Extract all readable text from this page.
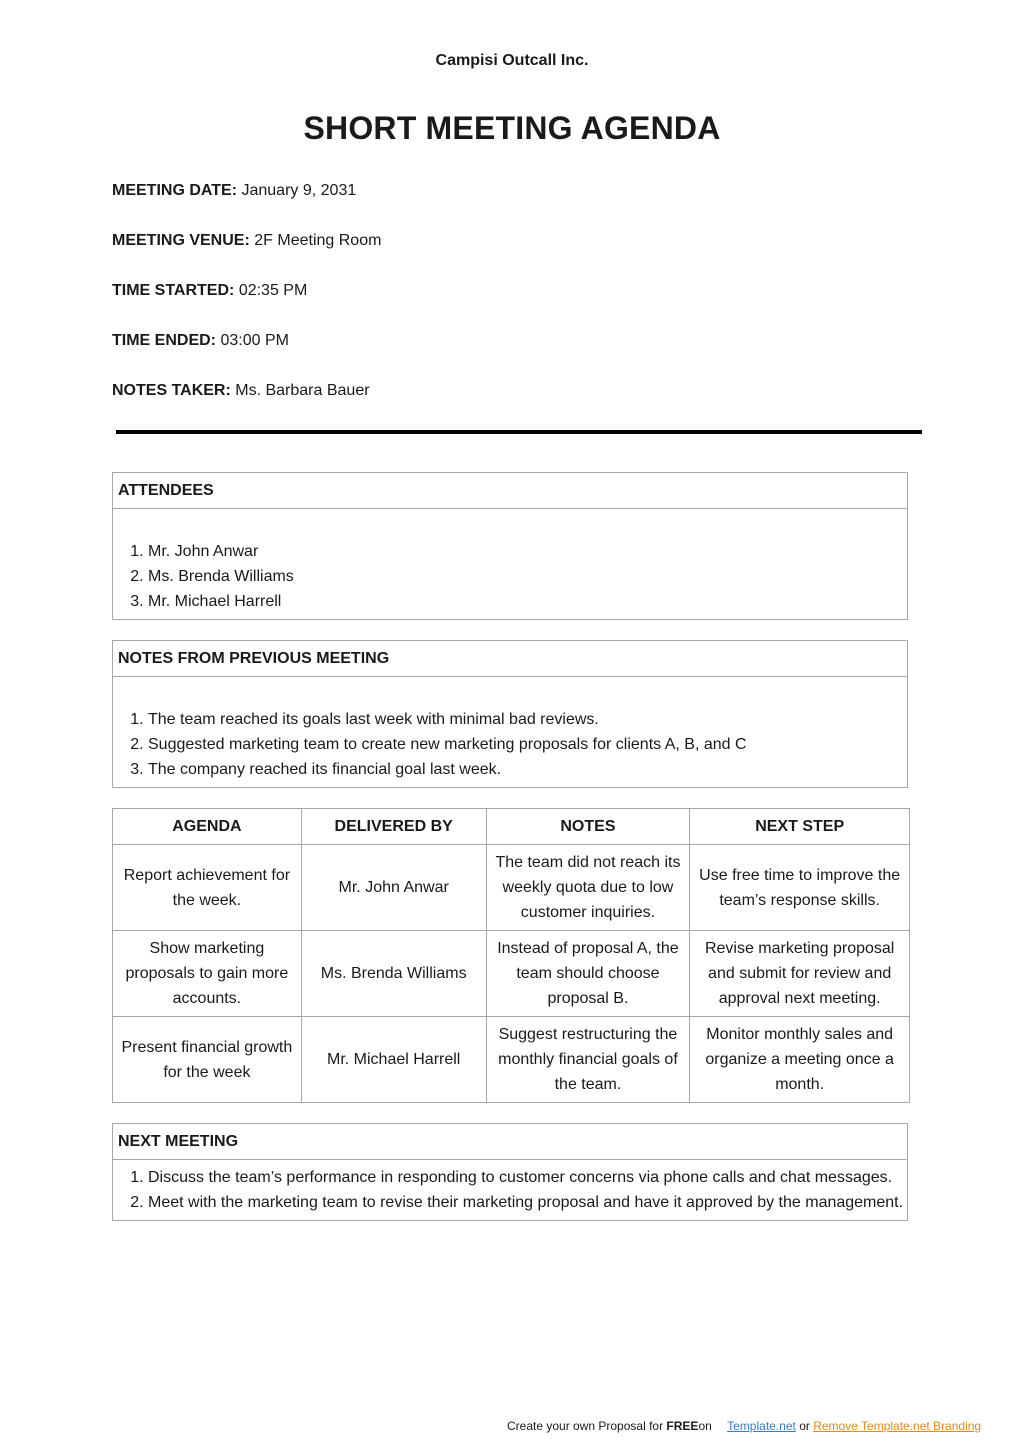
Campisi Outcall Inc.
SHORT MEETING AGENDA
MEETING DATE: January 9, 2031
MEETING VENUE: 2F Meeting Room
TIME STARTED: 02:35 PM
TIME ENDED: 03:00 PM
NOTES TAKER: Ms. Barbara Bauer
ATTENDEES
1. Mr. John Anwar
2. Ms. Brenda Williams
3. Mr. Michael Harrell
NOTES FROM PREVIOUS MEETING
1. The team reached its goals last week with minimal bad reviews.
2. Suggested marketing team to create new marketing proposals for clients A, B, and C
3. The company reached its financial goal last week.
AGENDA	DELIVERED BY	NOTES	NEXT STEP
Report achievement for the week.	Mr. John Anwar	The team did not reach its weekly quota due to low customer inquiries.	Use free time to improve the team’s response skills.
Show marketing proposals to gain more accounts.	Ms. Brenda Williams	Instead of proposal A, the team should choose proposal B.	Revise marketing proposal and submit for review and approval next meeting.
Present financial growth for the week	Mr. Michael Harrell	Suggest restructuring the monthly financial goals of the team.	Monitor monthly sales and organize a meeting once a month.
NEXT MEETING
1. Discuss the team’s performance in responding to customer concerns via phone calls and chat messages.
2. Meet with the marketing team to revise their marketing proposal and have it approved by the management.
Create your own Proposal for FREEon Template.net or Remove Template.net Branding
